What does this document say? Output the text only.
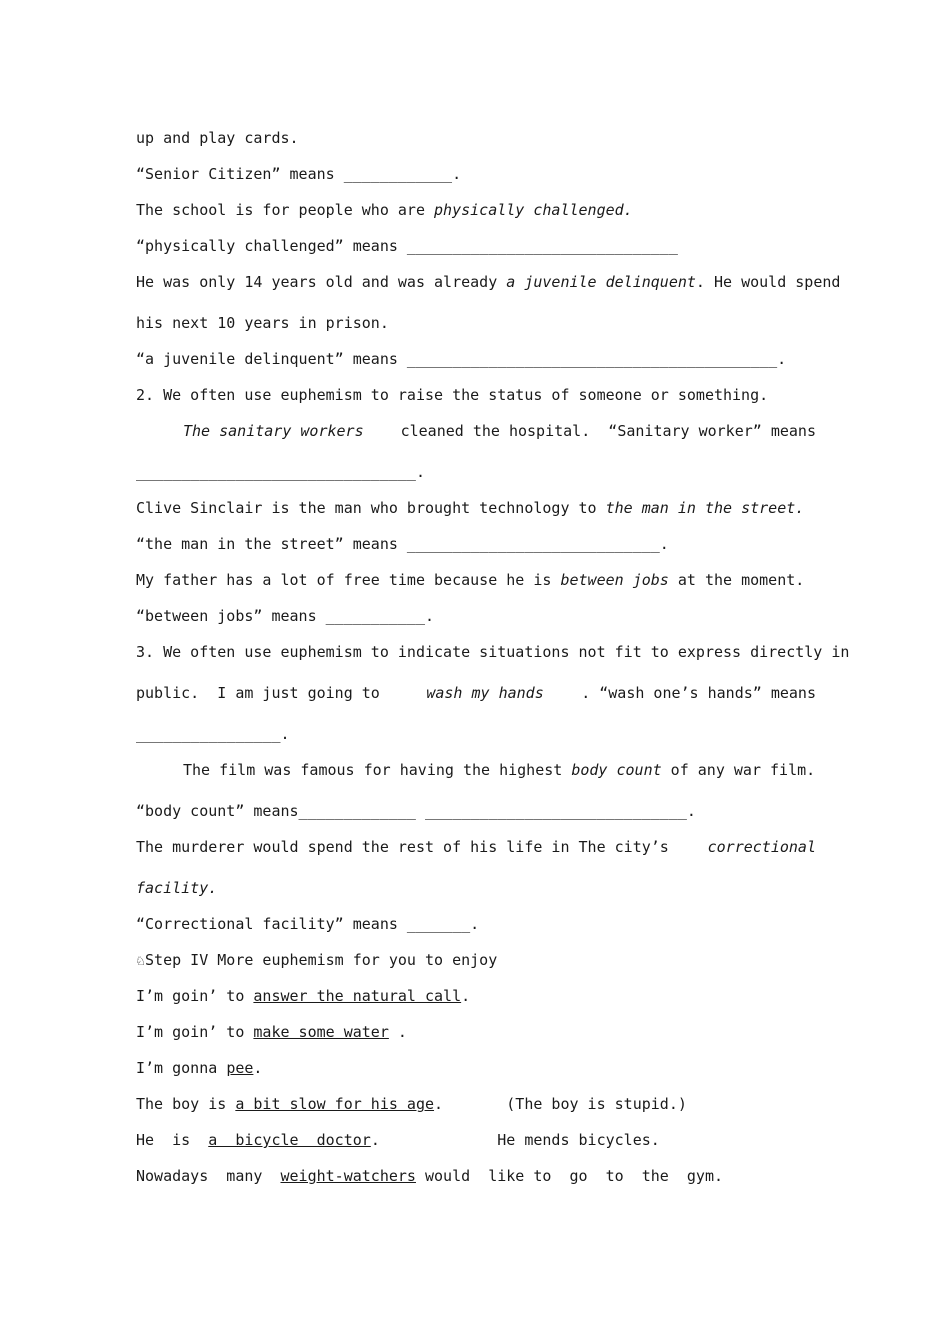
up and play cards.
“Senior Citizen” means ____________.
The school is for people who are physically challenged.
“physically challenged” means ______________________________
He was only 14 years old and was already a juvenile delinquent. He would spend
his next 10 years in prison.
“a juvenile delinquent” means _________________________________________.
2. We often use euphemism to raise the status of someone or something.
The sanitary workers cleaned the hospital.  “Sanitary worker” means
_______________________________.
Clive Sinclair is the man who brought technology to the man in the street.
“the man in the street” means ____________________________.
My father has a lot of free time because he is between jobs at the moment.
“between jobs” means ___________.
3. We often use euphemism to indicate situations not fit to express directly in
public.  I am just going to wash my hands . “wash one’s hands” means
________________.
The film was famous for having the highest body count of any war film.
“body count” means_____________ _____________________________.
The murderer would spend the rest of his life in The city’s correctional
facility.
“Correctional facility” means _______.
♘Step IV More euphemism for you to enjoy
I’m goin’ to answer the natural call.
I’m goin’ to make some water .
I’m gonna pee.
The boy is a bit slow for his age.       (The boy is stupid.)
He  is  a  bicycle  doctor.             He mends bicycles.
Nowadays  many  weight-watchers would  like to  go  to  the  gym.
